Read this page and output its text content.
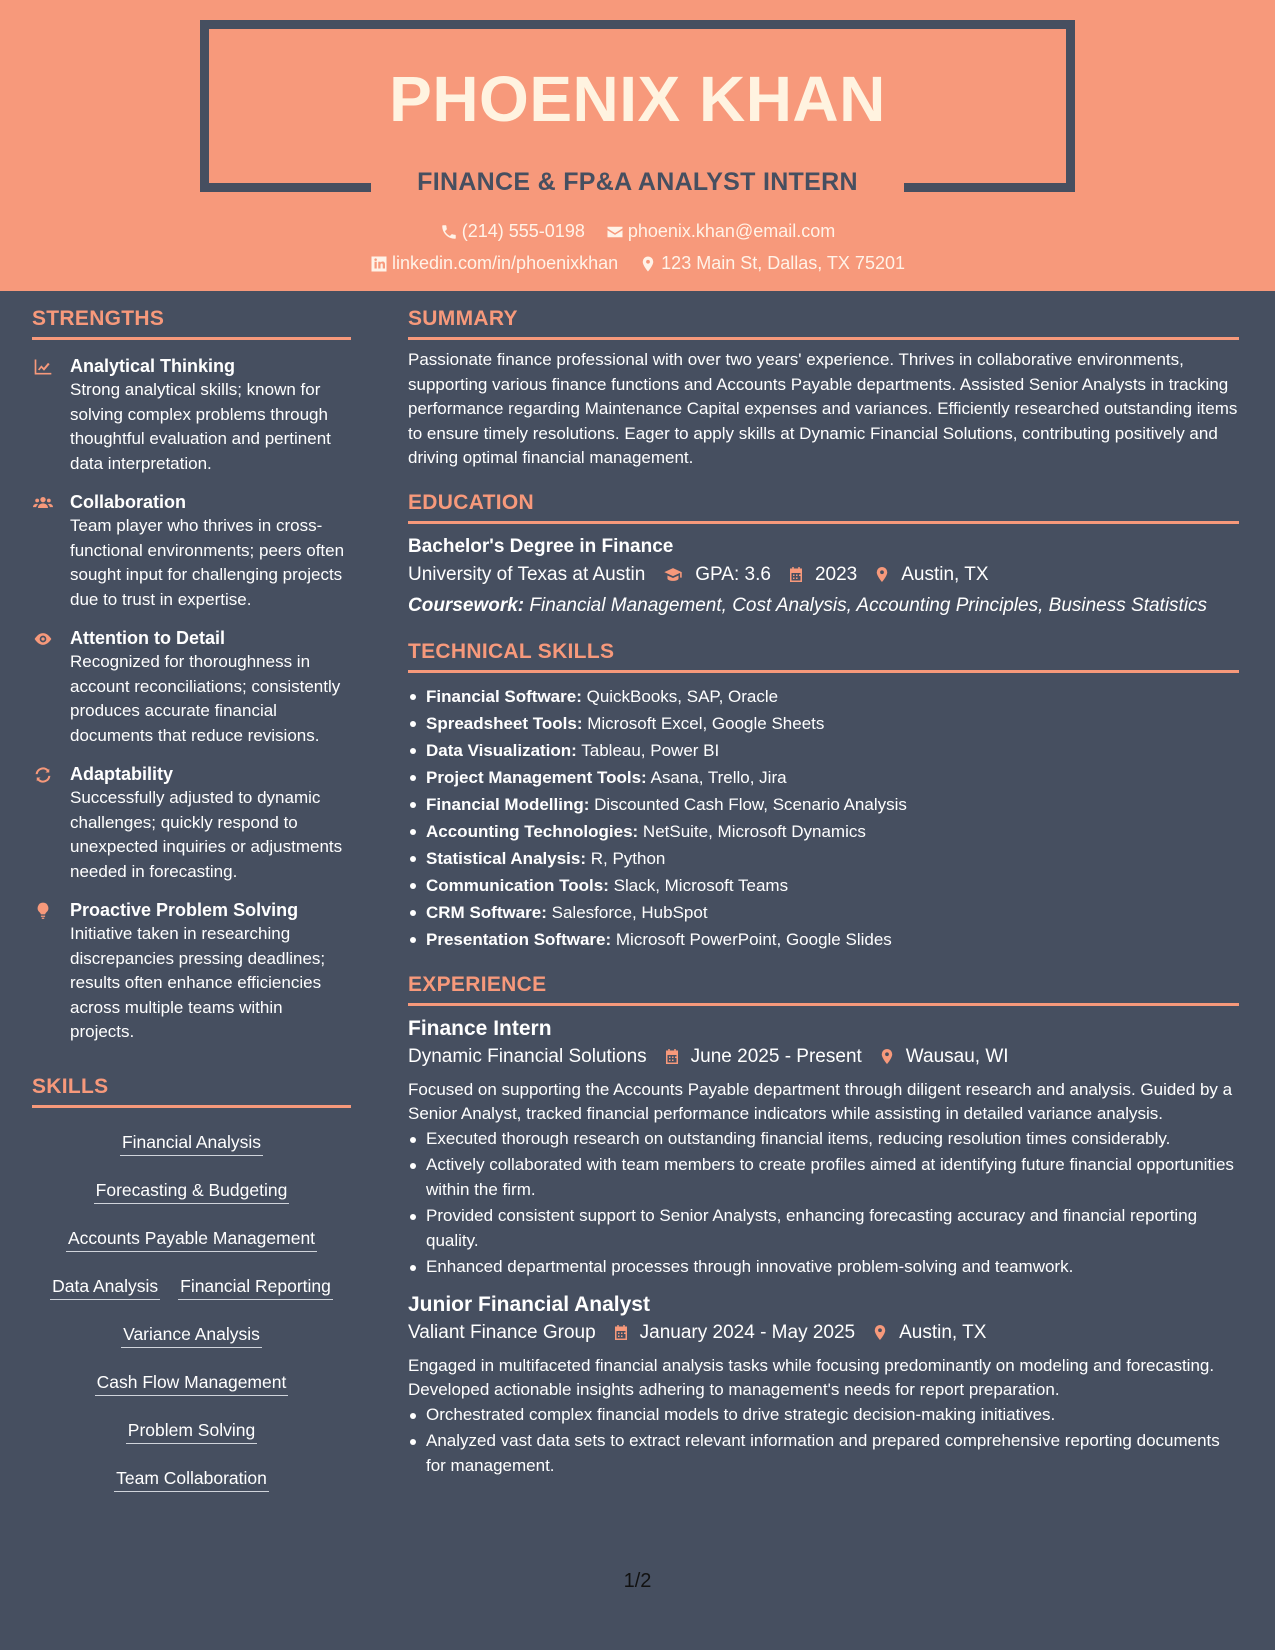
PHOENIX KHAN
FINANCE & FP&A ANALYST INTERN
(214) 555-0198
phoenix.khan@email.com
linkedin.com/in/phoenixkhan
123 Main St, Dallas, TX 75201
STRENGTHS
Analytical Thinking
Strong analytical skills; known for solving complex problems through thoughtful evaluation and pertinent data interpretation.
Collaboration
Team player who thrives in cross-functional environments; peers often sought input for challenging projects due to trust in expertise.
Attention to Detail
Recognized for thoroughness in account reconciliations; consistently produces accurate financial documents that reduce revisions.
Adaptability
Successfully adjusted to dynamic challenges; quickly respond to unexpected inquiries or adjustments needed in forecasting.
Proactive Problem Solving
Initiative taken in researching discrepancies pressing deadlines; results often enhance efficiencies across multiple teams within projects.
SKILLS
Financial Analysis
Forecasting & Budgeting
Accounts Payable Management
Data Analysis Financial Reporting
Variance Analysis
Cash Flow Management
Problem Solving
Team Collaboration
SUMMARY
Passionate finance professional with over two years' experience. Thrives in collaborative environments, supporting various finance functions and Accounts Payable departments. Assisted Senior Analysts in tracking performance regarding Maintenance Capital expenses and variances. Efficiently researched outstanding items to ensure timely resolutions. Eager to apply skills at Dynamic Financial Solutions, contributing positively and driving optimal financial management.
EDUCATION
Bachelor's Degree in Finance
University of Texas at Austin	GPA: 3.6 2023 Austin, TX
Coursework: Financial Management, Cost Analysis, Accounting Principles, Business Statistics
TECHNICAL SKILLS
Financial Software: QuickBooks, SAP, Oracle
Spreadsheet Tools: Microsoft Excel, Google Sheets
Data Visualization: Tableau, Power BI
Project Management Tools: Asana, Trello, Jira
Financial Modelling: Discounted Cash Flow, Scenario Analysis
Accounting Technologies: NetSuite, Microsoft Dynamics
Statistical Analysis: R, Python
Communication Tools: Slack, Microsoft Teams
CRM Software: Salesforce, HubSpot
Presentation Software: Microsoft PowerPoint, Google Slides
EXPERIENCE
Finance Intern
Dynamic Financial Solutions June 2025 - Present Wausau, WI
Focused on supporting the Accounts Payable department through diligent research and analysis. Guided by a Senior Analyst, tracked financial performance indicators while assisting in detailed variance analysis.
Executed thorough research on outstanding financial items, reducing resolution times considerably.
Actively collaborated with team members to create profiles aimed at identifying future financial opportunities within the firm.
Provided consistent support to Senior Analysts, enhancing forecasting accuracy and financial reporting quality.
Enhanced departmental processes through innovative problem-solving and teamwork.
Junior Financial Analyst
Valiant Finance Group January 2024 - May 2025 Austin, TX
Engaged in multifaceted financial analysis tasks while focusing predominantly on modeling and forecasting. Developed actionable insights adhering to management's needs for report preparation.
Orchestrated complex financial models to drive strategic decision-making initiatives.
Analyzed vast data sets to extract relevant information and prepared comprehensive reporting documents for management.
1/2
